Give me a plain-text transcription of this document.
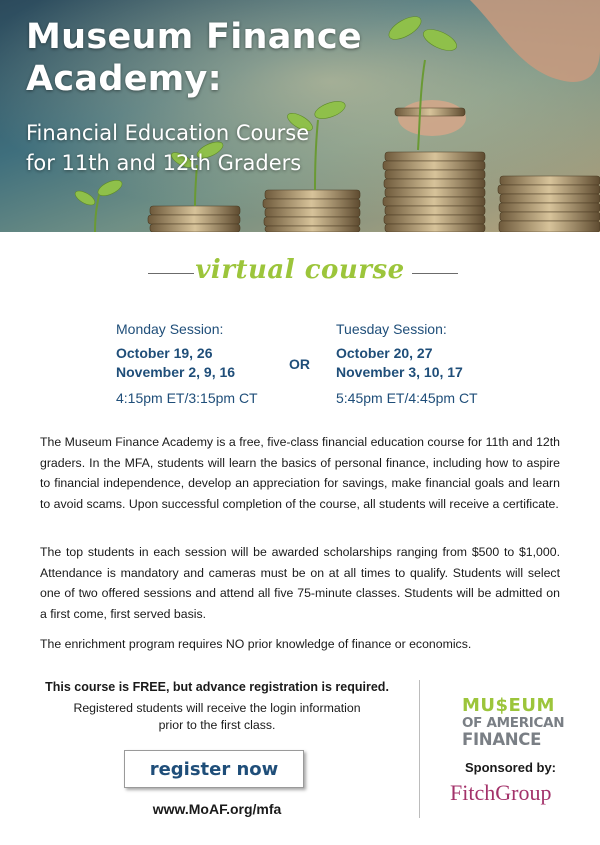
Museum Finance
Academy:
Financial Education Course
for 11th and 12th Graders
virtual course
Monday Session:
October 19, 26
November 2, 9, 16
4:15pm ET/3:15pm CT
OR
Tuesday Session:
October 20, 27
November 3, 10, 17
5:45pm ET/4:45pm CT

The Museum Finance Academy is a free, five-class financial education course for 11th and 12th graders. In the MFA, students will learn the basics of personal finance, including how to aspire to financial independence, develop an appreciation for savings, make financial goals and learn to avoid scams. Upon successful completion of the course, all students will receive a certificate.

The top students in each session will be awarded scholarships ranging from $500 to $1,000. Attendance is mandatory and cameras must be on at all times to qualify. Students will select one of two offered sessions and attend all five 75-minute classes. Students will be admitted on a first come, first served basis.

The enrichment program requires NO prior knowledge of finance or economics.

This course is FREE, but advance registration is required.
Registered students will receive the login information
prior to the first class.
register now
www.MoAF.org/mfa
MU$EUM
OF AMERICAN
FINANCE
Sponsored by:
FitchGroup
